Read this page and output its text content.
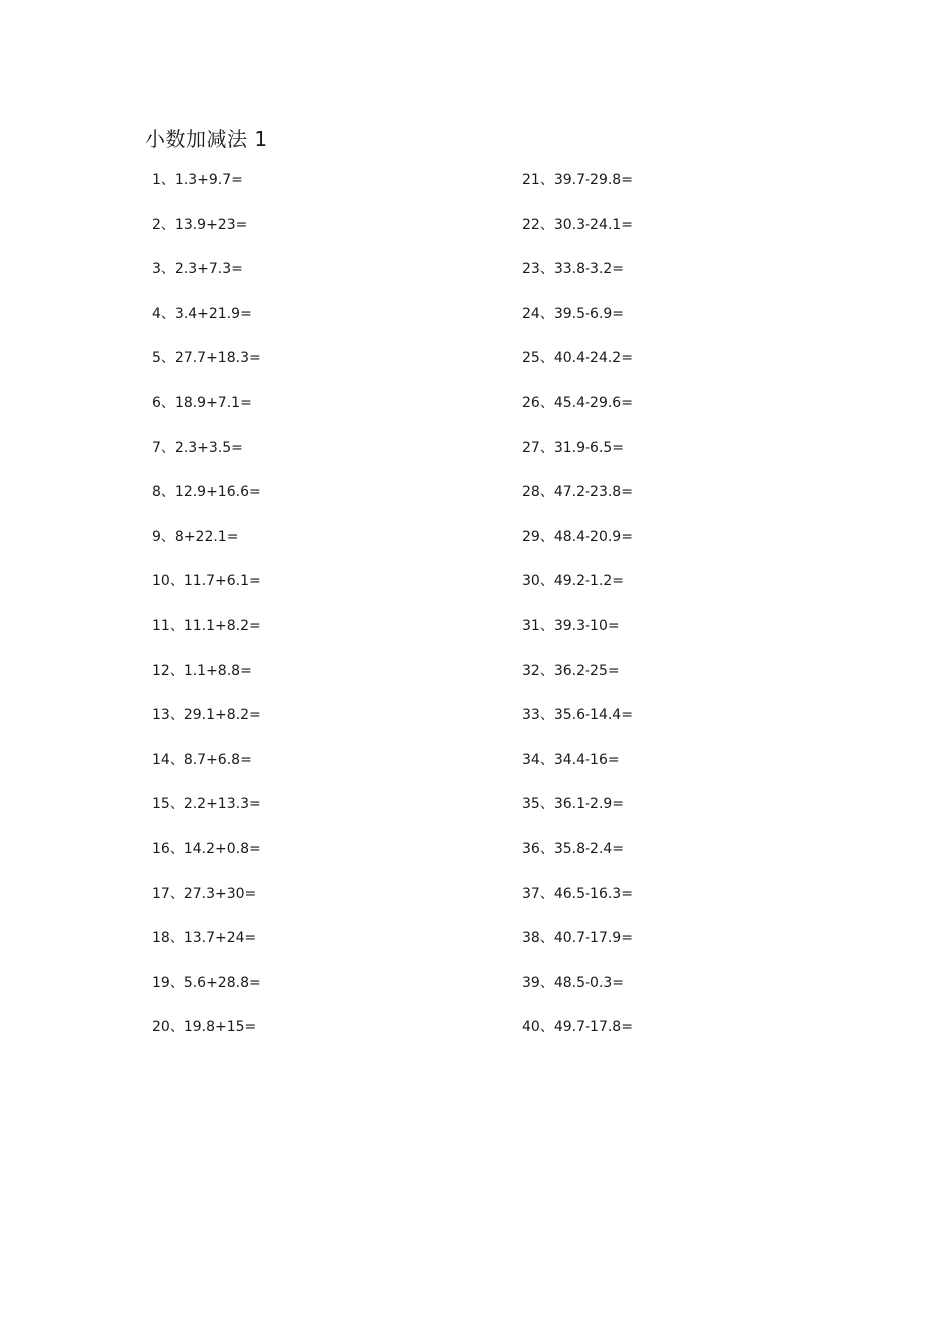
小数加减法 1
1、1.3+9.7=
2、13.9+23=
3、2.3+7.3=
4、3.4+21.9=
5、27.7+18.3=
6、18.9+7.1=
7、2.3+3.5=
8、12.9+16.6=
9、8+22.1=
10、11.7+6.1=
11、11.1+8.2=
12、1.1+8.8=
13、29.1+8.2=
14、8.7+6.8=
15、2.2+13.3=
16、14.2+0.8=
17、27.3+30=
18、13.7+24=
19、5.6+28.8=
20、19.8+15=
21、39.7-29.8=
22、30.3-24.1=
23、33.8-3.2=
24、39.5-6.9=
25、40.4-24.2=
26、45.4-29.6=
27、31.9-6.5=
28、47.2-23.8=
29、48.4-20.9=
30、49.2-1.2=
31、39.3-10=
32、36.2-25=
33、35.6-14.4=
34、34.4-16=
35、36.1-2.9=
36、35.8-2.4=
37、46.5-16.3=
38、40.7-17.9=
39、48.5-0.3=
40、49.7-17.8=
